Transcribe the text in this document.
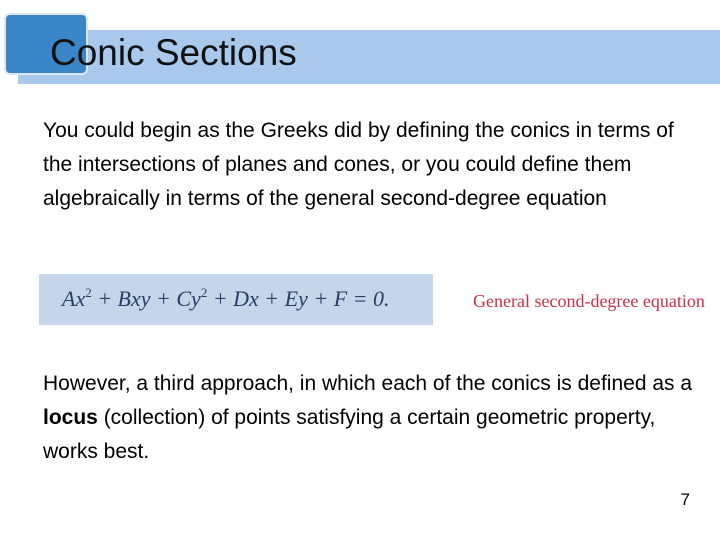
Conic Sections

You could begin as the Greeks did by defining the conics in terms of the intersections of planes and cones, or you could define them algebraically in terms of the general second-degree equation

$Ax^2$ + Bxy + $Cy^2 + Dx + Ey + F = 0$.	General second-degree equation

However, a third approach, in which each of the conics is defined as a locus (collection) of points satisfying a certain geometric property, works best.

7
